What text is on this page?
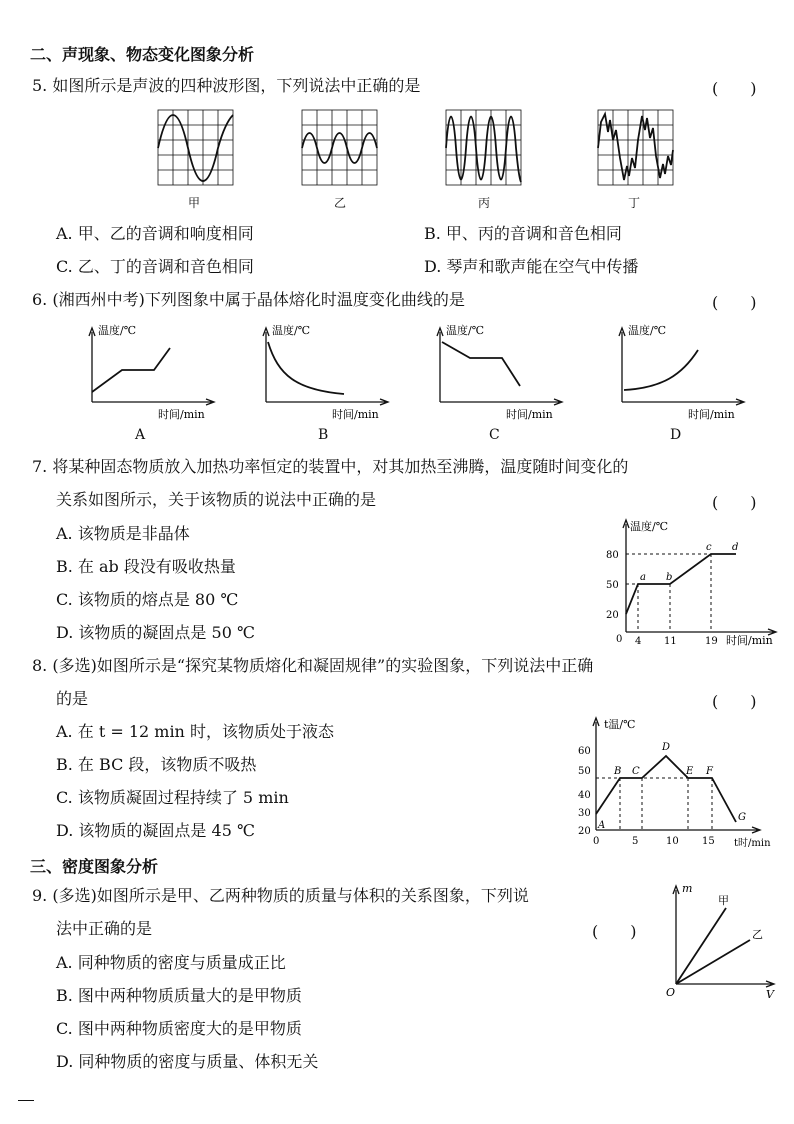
二、声现象、物态变化图象分析
5. 如图所示是声波的四种波形图，下列说法中正确的是	(　　)
甲	乙	丙	丁
A. 甲、乙的音调和响度相同	B. 甲、丙的音调和音色相同
C. 乙、丁的音调和音色相同	D. 琴声和歌声能在空气中传播
6. (湘西州中考)下列图象中属于晶体熔化时温度变化曲线的是	(　　)
温度/℃
时间/min
温度/℃
时间/min
温度/℃
时间/min
温度/℃
时间/min
A	B	C	D
7. 将某种固态物质放入加热功率恒定的装置中，对其加热至沸腾，温度随时间变化的
关系如图所示，关于该物质的说法中正确的是	(　　)
A. 该物质是非晶体
B. 在 ab 段没有吸收热量
C. 该物质的熔点是 80 ℃
D. 该物质的凝固点是 50 ℃
温度/℃
0
20
50
80
4 11	19 时间/min
a b
c d
8. (多选)如图所示是“探究某物质熔化和凝固规律”的实验图象，下列说法中正确
的是	(　　)
A. 在 t = 12 min 时，该物质处于液态
B. 在 BC 段，该物质不吸热
C. 该物质凝固过程持续了 5 min
D. 该物质的凝固点是 45 ℃
t温/℃
20
30
40
50
60
0	5	10 15 t时/min
A
B C
D
E F
G
三、密度图象分析
9. (多选)如图所示是甲、乙两种物质的质量与体积的关系图象，下列说
法中正确的是	(　　)
A. 同种物质的密度与质量成正比
B. 图中两种物质质量大的是甲物质
C. 图中两种物质密度大的是甲物质
D. 同种物质的密度与质量、体积无关
m
O	V
甲
乙
